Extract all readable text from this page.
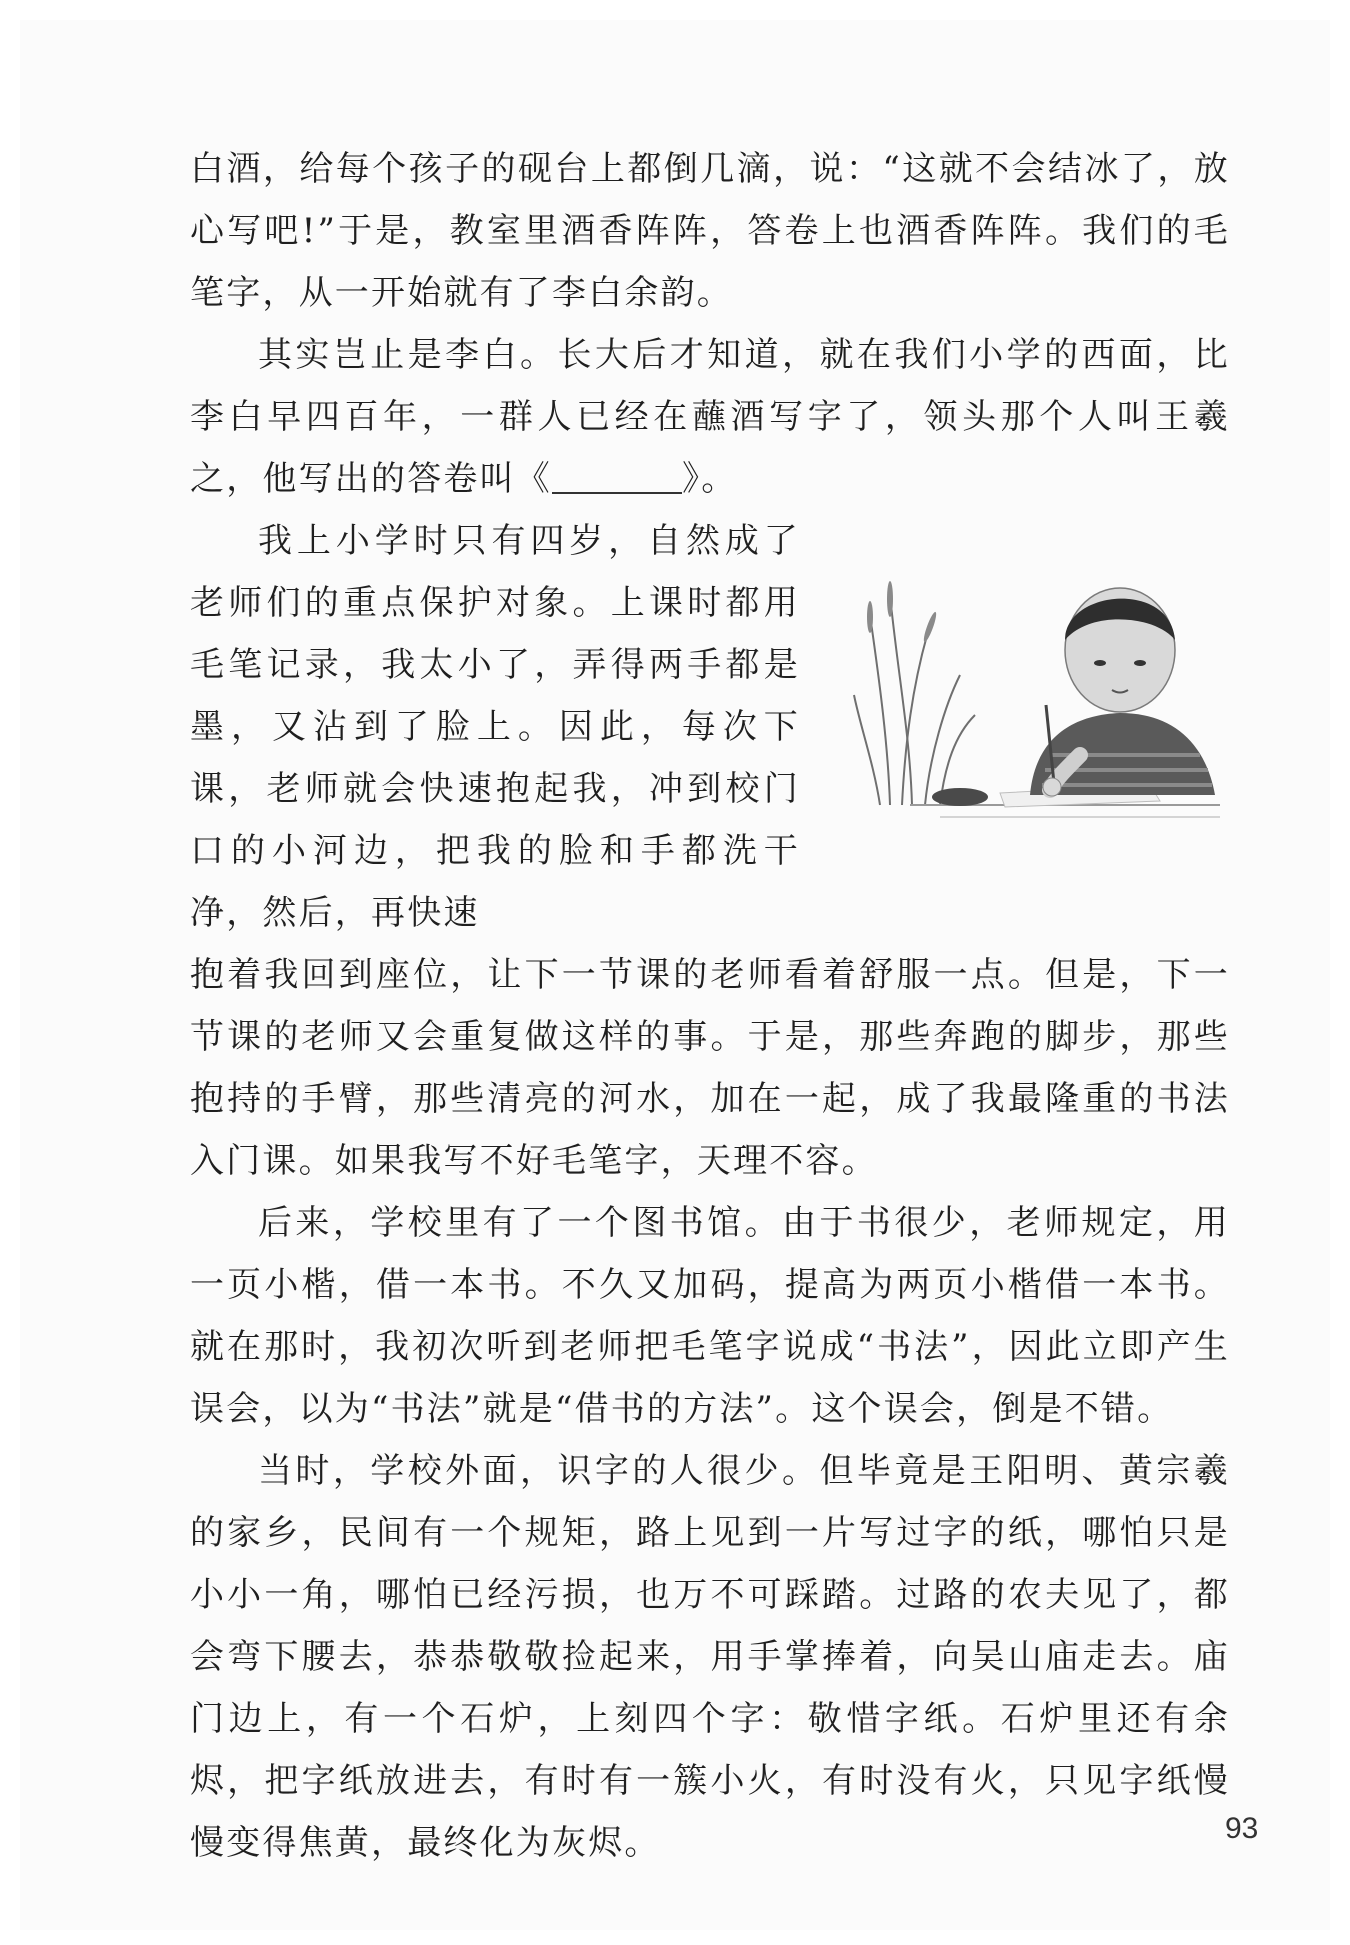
白酒，给每个孩子的砚台上都倒几滴，说：“这就不会结冰了，放心写吧!”于是，教室里酒香阵阵，答卷上也酒香阵阵。我们的毛笔字，从一开始就有了李白余韵。

其实岂止是李白。长大后才知道，就在我们小学的西面，比李白早四百年，一群人已经在蘸酒写字了，领头那个人叫王羲之，他写出的答卷叫《	》。

我上小学时只有四岁，自然成了老师们的重点保护对象。上课时都用毛笔记录，我太小了，弄得两手都是墨，又沾到了脸上。因此，每次下课，老师就会快速抱起我，冲到校门口的小河边，把我的脸和手都洗干净，然后，再快速

抱着我回到座位，让下一节课的老师看着舒服一点。但是，下一节课的老师又会重复做这样的事。于是，那些奔跑的脚步，那些抱持的手臂，那些清亮的河水，加在一起，成了我最隆重的书法入门课。如果我写不好毛笔字，天理不容。

后来，学校里有了一个图书馆。由于书很少，老师规定，用一页小楷，借一本书。不久又加码，提高为两页小楷借一本书。就在那时，我初次听到老师把毛笔字说成“书法”，因此立即产生误会，以为“书法”就是“借书的方法”。这个误会，倒是不错。

当时，学校外面，识字的人很少。但毕竟是王阳明、黄宗羲的家乡，民间有一个规矩，路上见到一片写过字的纸，哪怕只是小小一角，哪怕已经污损，也万不可踩踏。过路的农夫见了，都会弯下腰去，恭恭敬敬捡起来，用手掌捧着，向吴山庙走去。庙门边上，有一个石炉，上刻四个字：敬惜字纸。石炉里还有余烬，把字纸放进去，有时有一簇小火，有时没有火，只见字纸慢慢变得焦黄，最终化为灰烬。	93
